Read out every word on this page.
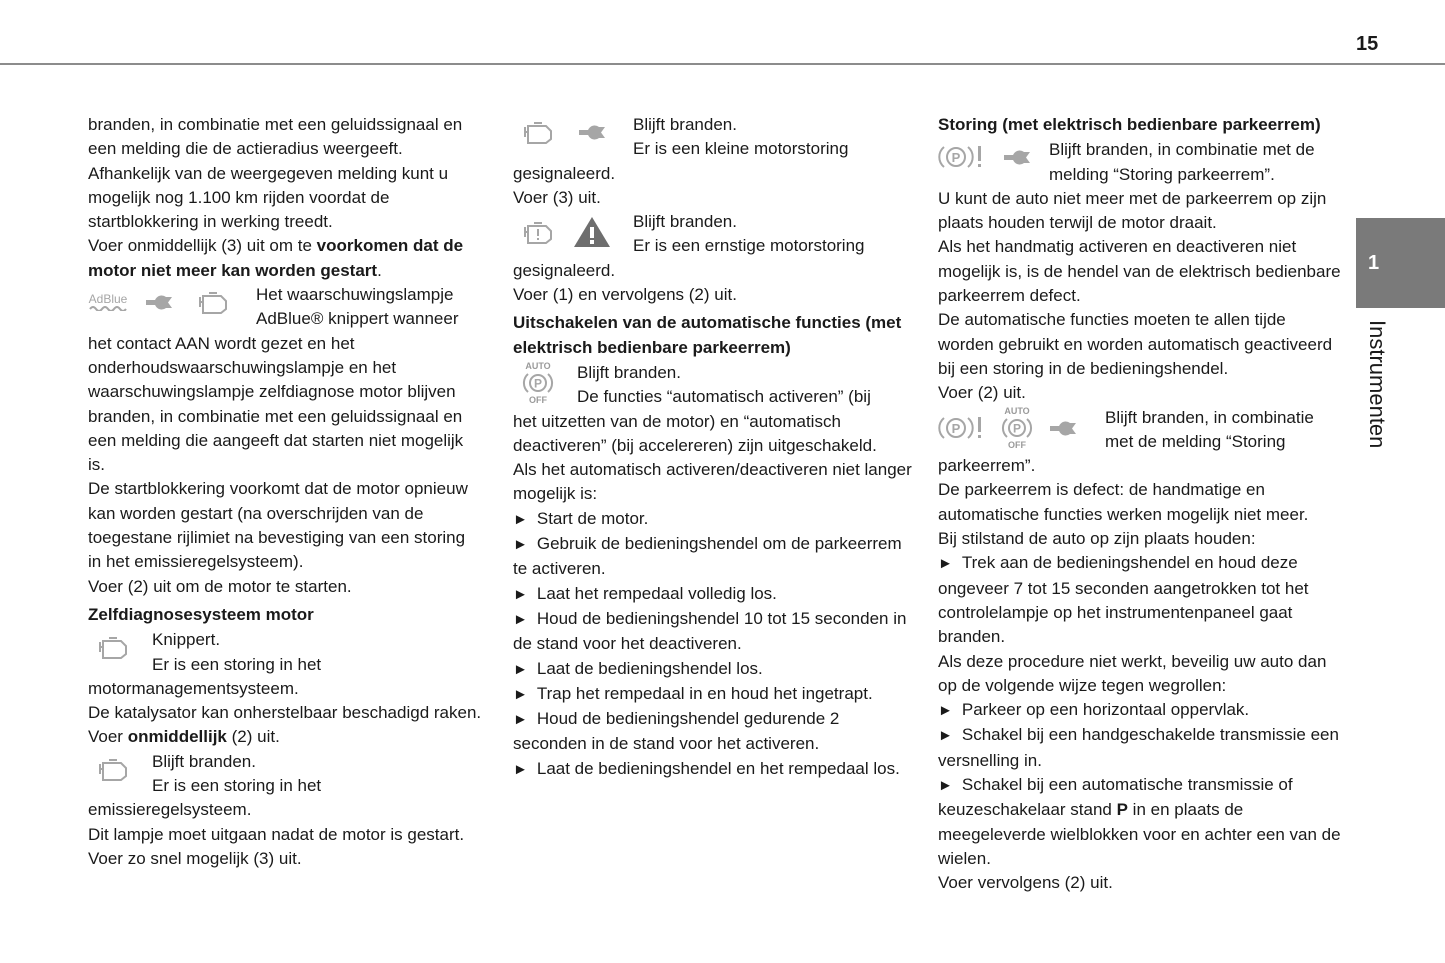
15
1
Instrumenten

branden, in combinatie met een geluidssignaal en een melding die de actieradius weergeeft.

Afhankelijk van de weergegeven melding kunt u mogelijk nog 1.100 km rijden voordat de startblokkering in werking treedt.

Voer onmiddellijk (3) uit om te voorkomen dat de motor niet meer kan worden gestart.

AdBlue	Het waarschuwingslampje

AdBlue® knippert wanneer

het contact AAN wordt gezet en het onderhoudswaarschuwingslampje en het waarschuwingslampje zelfdiagnose motor blijven branden, in combinatie met een geluidssignaal en een melding die aangeeft dat starten niet mogelijk is.

De startblokkering voorkomt dat de motor opnieuw kan worden gestart (na overschrijden van de toegestane rijlimiet na bevestiging van een storing in het emissieregelsysteem).

Voer (2) uit om de motor te starten.

Zelfdiagnosesysteem motor

Knippert.

Er is een storing in het

motormanagementsysteem.

De katalysator kan onherstelbaar beschadigd raken.

Voer onmiddellijk (2) uit.

Blijft branden.

Er is een storing in het

emissieregelsysteem.

Dit lampje moet uitgaan nadat de motor is gestart.

Voer zo snel mogelijk (3) uit.

Blijft branden.

Er is een kleine motorstoring

gesignaleerd.

Voer (3) uit.

Blijft branden.

Er is een ernstige motorstoring

gesignaleerd.

Voer (1) en vervolgens (2) uit.

Uitschakelen van de automatische functies (met elektrisch bedienbare parkeerrem)

AUTO
P
OFF

Blijft branden.

De functies “automatisch activeren” (bij

het uitzetten van de motor) en “automatisch deactiveren” (bij accelereren) zijn uitgeschakeld.

Als het automatisch activeren/deactiveren niet langer mogelijk is:

► Start de motor.

► Gebruik de bedieningshendel om de parkeerrem te activeren.

► Laat het rempedaal volledig los.

► Houd de bedieningshendel 10 tot 15 seconden in de stand voor het deactiveren.

► Laat de bedieningshendel los.

► Trap het rempedaal in en houd het ingetrapt.

► Houd de bedieningshendel gedurende 2 seconden in de stand voor het activeren.

► Laat de bedieningshendel en het rempedaal los.

Storing (met elektrisch bedienbare parkeerrem)

P	Blijft branden, in combinatie met de

melding “Storing parkeerrem”.

U kunt de auto niet meer met de parkeerrem op zijn plaats houden terwijl de motor draait.

Als het handmatig activeren en deactiveren niet mogelijk is, is de hendel van de elektrisch bedienbare parkeerrem defect.

De automatische functies moeten te allen tijde worden gebruikt en worden automatisch geactiveerd bij een storing in de bedieningshendel.

Voer (2) uit.

P
AUTO
P
OFF

Blijft branden, in combinatie

met de melding “Storing

parkeerrem”.

De parkeerrem is defect: de handmatige en automatische functies werken mogelijk niet meer.

Bij stilstand de auto op zijn plaats houden:

► Trek aan de bedieningshendel en houd deze ongeveer 7 tot 15 seconden aangetrokken tot het controlelampje op het instrumentenpaneel gaat branden.

Als deze procedure niet werkt, beveilig uw auto dan op de volgende wijze tegen wegrollen:

► Parkeer op een horizontaal oppervlak.

► Schakel bij een handgeschakelde transmissie een versnelling in.

► Schakel bij een automatische transmissie of keuzeschakelaar stand P in en plaats de meegeleverde wielblokken voor en achter een van de wielen.

Voer vervolgens (2) uit.
